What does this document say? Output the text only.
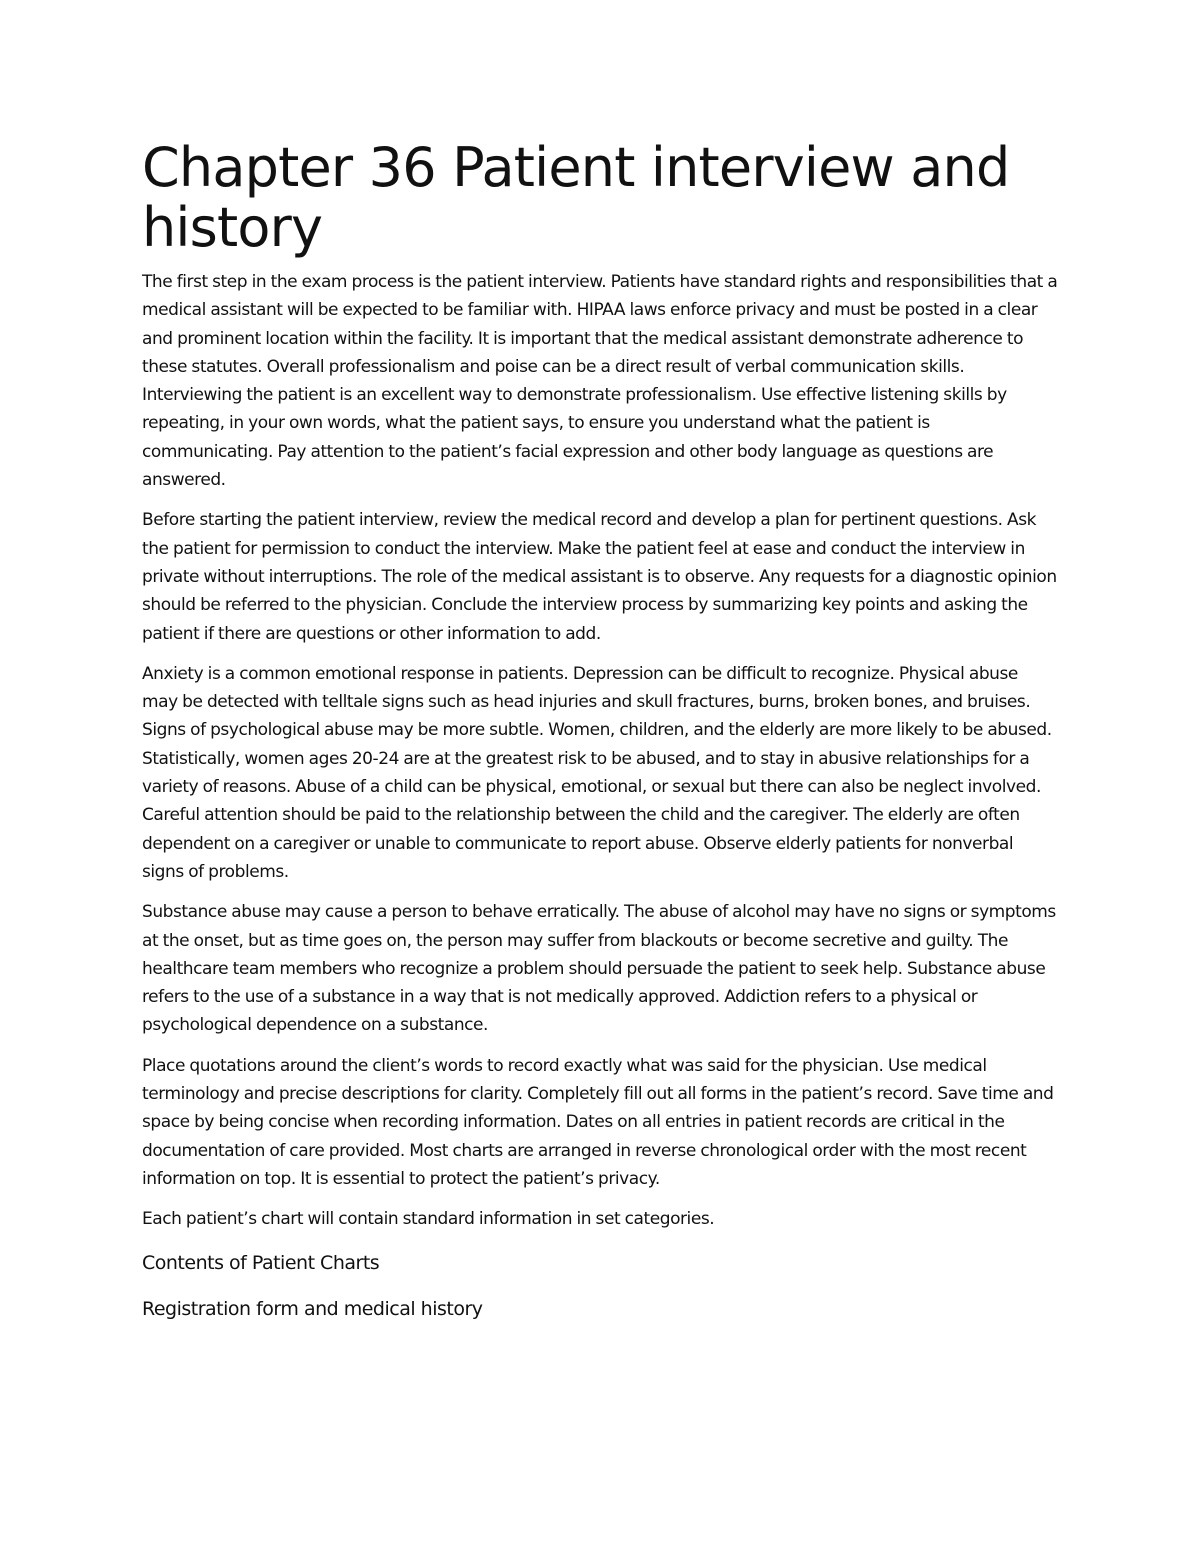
Chapter 36 Patient interview and history

The first step in the exam process is the patient interview. Patients have standard rights and responsibilities that a medical assistant will be expected to be familiar with. HIPAA laws enforce privacy and must be posted in a clear and prominent location within the facility. It is important that the medical assistant demonstrate adherence to these statutes. Overall professionalism and poise can be a direct result of verbal communication skills. Interviewing the patient is an excellent way to demonstrate professionalism. Use effective listening skills by repeating, in your own words, what the patient says, to ensure you understand what the patient is communicating. Pay attention to the patient’s facial expression and other body language as questions are answered.

Before starting the patient interview, review the medical record and develop a plan for pertinent questions. Ask the patient for permission to conduct the interview. Make the patient feel at ease and conduct the interview in private without interruptions. The role of the medical assistant is to observe. Any requests for a diagnostic opinion should be referred to the physician. Conclude the interview process by summarizing key points and asking the patient if there are questions or other information to add.

Anxiety is a common emotional response in patients. Depression can be difficult to recognize. Physical abuse may be detected with telltale signs such as head injuries and skull fractures, burns, broken bones, and bruises. Signs of psychological abuse may be more subtle. Women, children, and the elderly are more likely to be abused. Statistically, women ages 20-24 are at the greatest risk to be abused, and to stay in abusive relationships for a variety of reasons. Abuse of a child can be physical, emotional, or sexual but there can also be neglect involved. Careful attention should be paid to the relationship between the child and the caregiver. The elderly are often dependent on a caregiver or unable to communicate to report abuse. Observe elderly patients for nonverbal signs of problems.

Substance abuse may cause a person to behave erratically. The abuse of alcohol may have no signs or symptoms at the onset, but as time goes on, the person may suffer from blackouts or become secretive and guilty. The healthcare team members who recognize a problem should persuade the patient to seek help. Substance abuse refers to the use of a substance in a way that is not medically approved. Addiction refers to a physical or psychological dependence on a substance.

Place quotations around the client’s words to record exactly what was said for the physician. Use medical terminology and precise descriptions for clarity. Completely fill out all forms in the patient’s record. Save time and space by being concise when recording information. Dates on all entries in patient records are critical in the documentation of care provided. Most charts are arranged in reverse chronological order with the most recent information on top. It is essential to protect the patient’s privacy.

Each patient’s chart will contain standard information in set categories.

Contents of Patient Charts
Registration form and medical history
